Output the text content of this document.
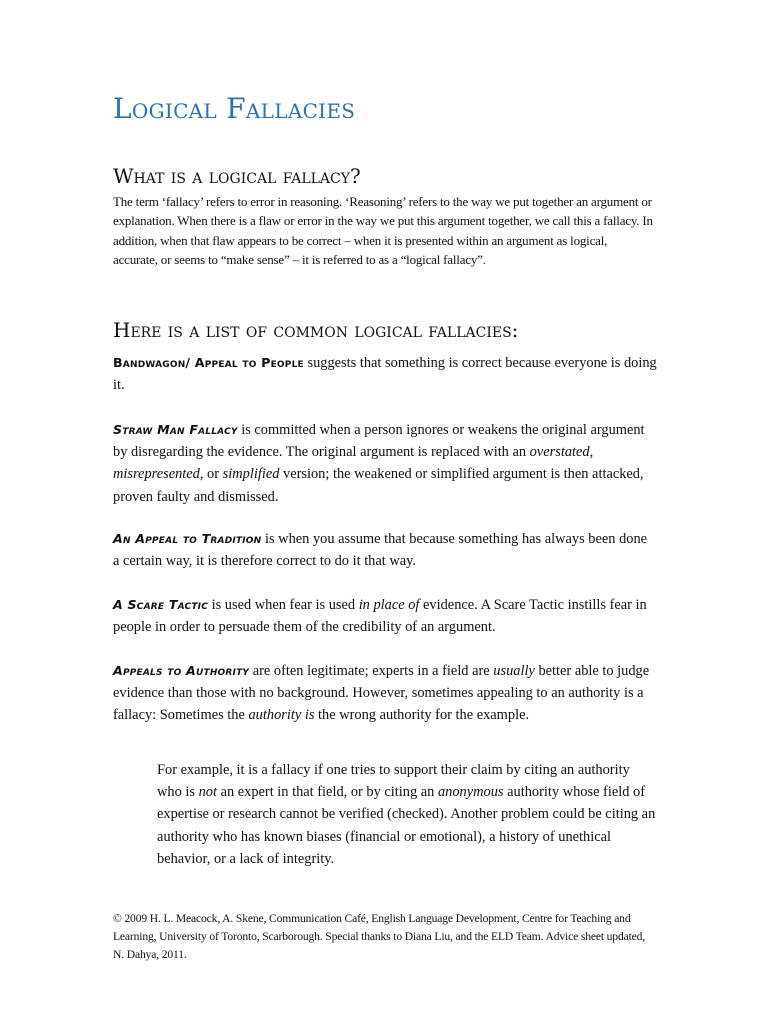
Logical Fallacies
What is a logical fallacy?

The term ‘fallacy’ refers to error in reasoning. ‘Reasoning’ refers to the way we put together an argument or explanation. When there is a flaw or error in the way we put this argument together, we call this a fallacy. In addition, when that flaw appears to be correct – when it is presented within an argument as logical, accurate, or seems to “make sense” – it is referred to as a “logical fallacy”.

Here is a list of common logical fallacies:

Bandwagon/ Appeal to People suggests that something is correct because everyone is doing it.

Straw Man Fallacy is committed when a person ignores or weakens the original argument by disregarding the evidence. The original argument is replaced with an overstated, misrepresented, or simplified version; the weakened or simplified argument is then attacked, proven faulty and dismissed.

An Appeal to Tradition is when you assume that because something has always been done a certain way, it is therefore correct to do it that way.

A Scare Tactic is used when fear is used in place of evidence. A Scare Tactic instills fear in people in order to persuade them of the credibility of an argument.

Appeals to Authority are often legitimate; experts in a field are usually better able to judge evidence than those with no background. However, sometimes appealing to an authority is a fallacy: Sometimes the authority is the wrong authority for the example.

For example, it is a fallacy if one tries to support their claim by citing an authority who is not an expert in that field, or by citing an anonymous authority whose field of expertise or research cannot be verified (checked). Another problem could be citing an authority who has known biases (financial or emotional), a history of unethical behavior, or a lack of integrity.

© 2009 H. L. Meacock, A. Skene, Communication Café, English Language Development, Centre for Teaching and Learning, University of Toronto, Scarborough. Special thanks to Diana Liu, and the ELD Team. Advice sheet updated, N. Dahya, 2011.
